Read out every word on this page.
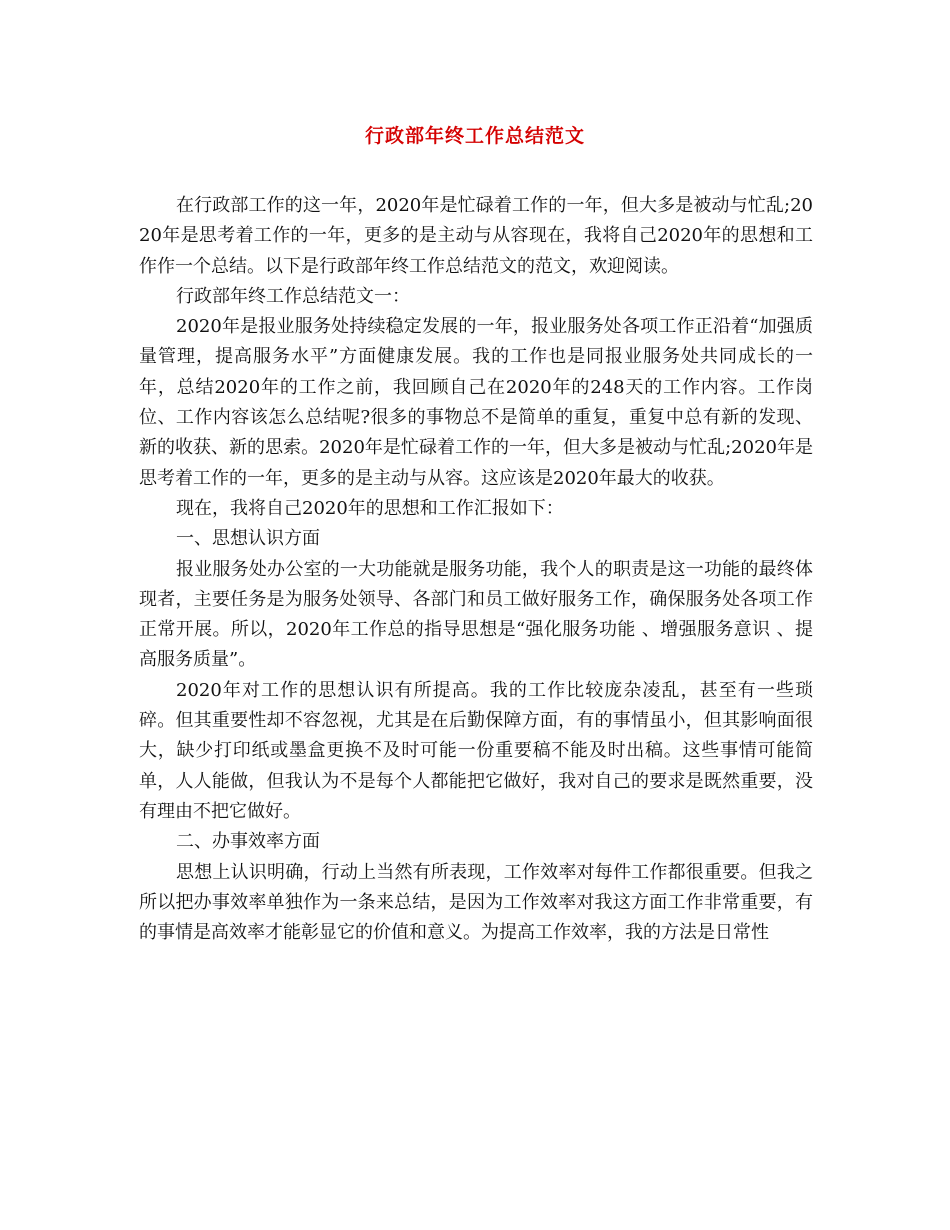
行政部年终工作总结范文

在行政部工作的这一年，2020年是忙碌着工作的一年，但大多是被动与忙乱;2020年是思考着工作的一年，更多的是主动与从容现在，我将自己2020年的思想和工作作一个总结。以下是行政部年终工作总结范文的范文，欢迎阅读。

行政部年终工作总结范文一：

2020年是报业服务处持续稳定发展的一年，报业服务处各项工作正沿着“加强质量管理，提高服务水平”方面健康发展。我的工作也是同报业服务处共同成长的一年，总结2020年的工作之前，我回顾自己在2020年的248天的工作内容。工作岗位、工作内容该怎么总结呢?很多的事物总不是简单的重复，重复中总有新的发现、新的收获、新的思索。2020年是忙碌着工作的一年，但大多是被动与忙乱;2020年是思考着工作的一年，更多的是主动与从容。这应该是2020年最大的收获。

现在，我将自己2020年的思想和工作汇报如下：

一、思想认识方面

报业服务处办公室的一大功能就是服务功能，我个人的职责是这一功能的最终体现者，主要任务是为服务处领导、各部门和员工做好服务工作，确保服务处各项工作正常开展。所以，2020年工作总的指导思想是“强化服务功能 、增强服务意识 、提高服务质量”。

2020年对工作的思想认识有所提高。我的工作比较庞杂凌乱，甚至有一些琐碎。但其重要性却不容忽视，尤其是在后勤保障方面，有的事情虽小，但其影响面很大，缺少打印纸或墨盒更换不及时可能一份重要稿不能及时出稿。这些事情可能简单，人人能做，但我认为不是每个人都能把它做好，我对自己的要求是既然重要，没有理由不把它做好。

二、办事效率方面

思想上认识明确，行动上当然有所表现，工作效率对每件工作都很重要。但我之所以把办事效率单独作为一条来总结，是因为工作效率对我这方面工作非常重要，有的事情是高效率才能彰显它的价值和意义。为提高工作效率，我的方法是日常性
